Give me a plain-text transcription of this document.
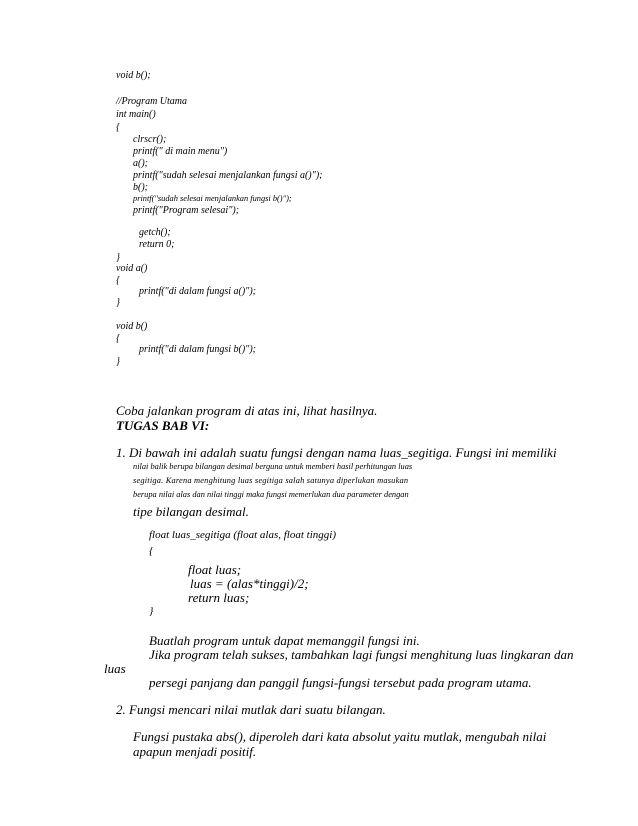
void b();
//Program Utama
int main()
{
clrscr();
printf(" di main menu")
a();
printf("sudah selesai menjalankan fungsi a()");
b();
printf("sudah selesai menjalankan fungsi b()");
printf("Program selesai");
getch();
return 0;
}
void a()
{
printf("di dalam fungsi a()");
}
void b()
{
printf("di dalam fungsi b()");
}
Coba jalankan program di atas ini, lihat hasilnya.
TUGAS BAB VI:
1. Di bawah ini adalah suatu fungsi dengan nama luas_segitiga. Fungsi ini memiliki
nilai balik berupa bilangan desimal berguna untuk memberi hasil perhitungan luas
segitiga. Karena menghitung luas segitiga salah satunya diperlukan masukan
berupa nilai alas dan nilai tinggi maka fungsi memerlukan dua parameter dengan
tipe bilangan desimal.
float luas_segitiga (float alas, float tinggi)
{
float luas;
luas = (alas*tinggi)/2;
return luas;
}
Buatlah program untuk dapat memanggil fungsi ini.
Jika program telah sukses, tambahkan lagi fungsi menghitung luas lingkaran dan
luas
persegi panjang dan panggil fungsi-fungsi tersebut pada program utama.
2. Fungsi mencari nilai mutlak dari suatu bilangan.
Fungsi pustaka abs(), diperoleh dari kata absolut yaitu mutlak, mengubah nilai
apapun menjadi positif.
